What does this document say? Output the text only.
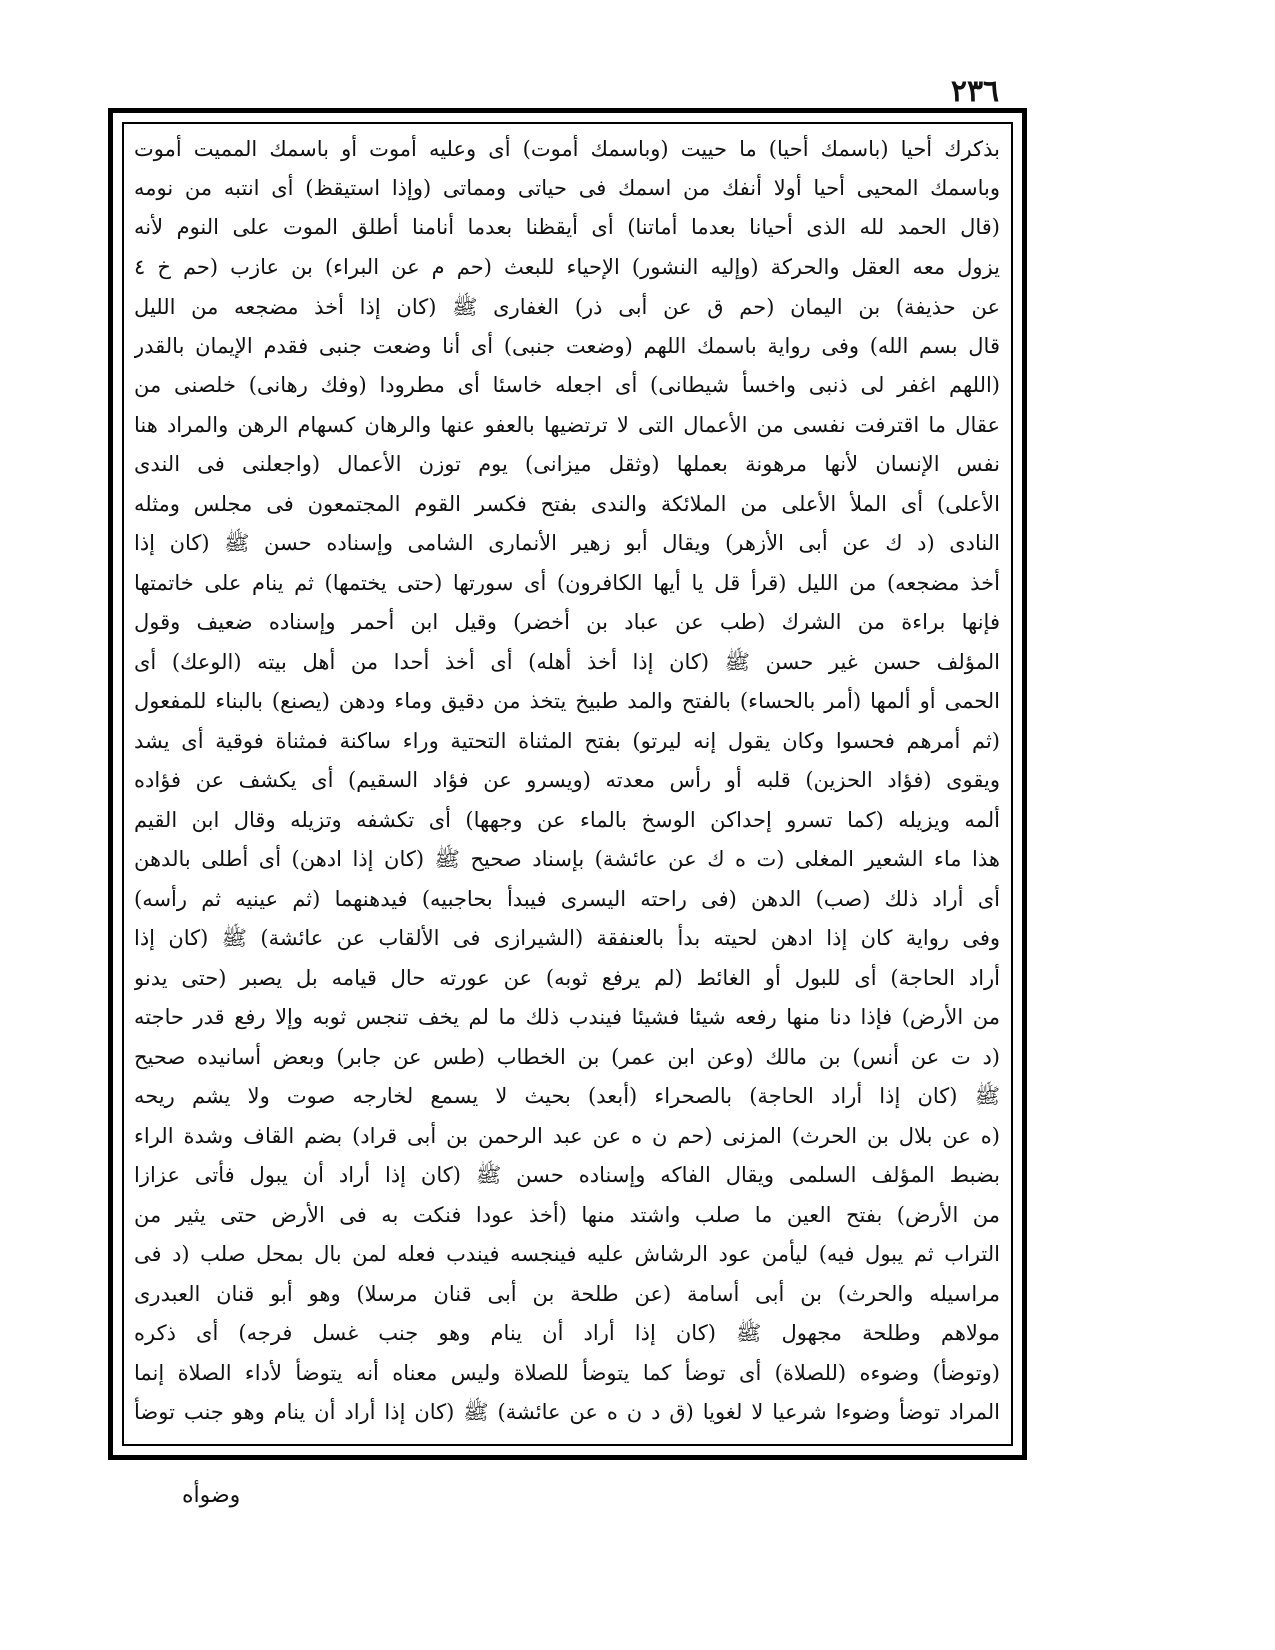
٢٣٦
بذكرك أحيا (باسمك أحيا) ما حييت (وباسمك أموت) أى وعليه أموت أو باسمك المميت أموت
وباسمك المحيى أحيا أولا أنفك من اسمك فى حياتى ومماتى (وإذا استيقظ) أى انتبه من نومه
(قال الحمد لله الذى أحيانا بعدما أماتنا) أى أيقظنا بعدما أنامنا أطلق الموت على النوم لأنه
يزول معه العقل والحركة (وإليه النشور) الإحياء للبعث (حم م عن البراء) بن عازب (حم خ ٤
عن حذيفة) بن اليمان (حم ق عن أبى ذر) الغفارى ﷺ (كان إذا أخذ مضجعه من الليل
قال بسم الله) وفى رواية باسمك اللهم (وضعت جنبى) أى أنا وضعت جنبى فقدم الإيمان بالقدر
(اللهم اغفر لى ذنبى واخسأ شيطانى) أى اجعله خاسئا أى مطرودا (وفك رهانى) خلصنى من
عقال ما اقترفت نفسى من الأعمال التى لا ترتضيها بالعفو عنها والرهان كسهام الرهن والمراد هنا
نفس الإنسان لأنها مرهونة بعملها (وثقل ميزانى) يوم توزن الأعمال (واجعلنى فى الندى
الأعلى) أى الملأ الأعلى من الملائكة والندى بفتح فكسر القوم المجتمعون فى مجلس ومثله
النادى (د ك عن أبى الأزهر) ويقال أبو زهير الأنمارى الشامى وإسناده حسن ﷺ (كان إذا
أخذ مضجعه) من الليل (قرأ قل يا أيها الكافرون) أى سورتها (حتى يختمها) ثم ينام على خاتمتها
فإنها براءة من الشرك (طب عن عباد بن أخضر) وقيل ابن أحمر وإسناده ضعيف وقول
المؤلف حسن غير حسن ﷺ (كان إذا أخذ أهله) أى أخذ أحدا من أهل بيته (الوعك) أى
الحمى أو ألمها (أمر بالحساء) بالفتح والمد طبيخ يتخذ من دقيق وماء ودهن (يصنع) بالبناء للمفعول
(ثم أمرهم فحسوا وكان يقول إنه ليرتو) بفتح المثناة التحتية وراء ساكنة فمثناة فوقية أى يشد
ويقوى (فؤاد الحزين) قلبه أو رأس معدته (ويسرو عن فؤاد السقيم) أى يكشف عن فؤاده
ألمه ويزيله (كما تسرو إحداكن الوسخ بالماء عن وجهها) أى تكشفه وتزيله وقال ابن القيم
هذا ماء الشعير المغلى (ت ه ك عن عائشة) بإسناد صحيح ﷺ (كان إذا ادهن) أى أطلى بالدهن
أى أراد ذلك (صب) الدهن (فى راحته اليسرى فيبدأ بحاجبيه) فيدهنهما (ثم عينيه ثم رأسه)
وفى رواية كان إذا ادهن لحيته بدأ بالعنفقة (الشيرازى فى الألقاب عن عائشة) ﷺ (كان إذا
أراد الحاجة) أى للبول أو الغائط (لم يرفع ثوبه) عن عورته حال قيامه بل يصبر (حتى يدنو
من الأرض) فإذا دنا منها رفعه شيئا فشيئا فيندب ذلك ما لم يخف تنجس ثوبه وإلا رفع قدر حاجته
(د ت عن أنس) بن مالك (وعن ابن عمر) بن الخطاب (طس عن جابر) وبعض أسانيده صحيح
ﷺ (كان إذا أراد الحاجة) بالصحراء (أبعد) بحيث لا يسمع لخارجه صوت ولا يشم ريحه
(ه عن بلال بن الحرث) المزنى (حم ن ه عن عبد الرحمن بن أبى قراد) بضم القاف وشدة الراء
بضبط المؤلف السلمى ويقال الفاكه وإسناده حسن ﷺ (كان إذا أراد أن يبول فأتى عزازا
من الأرض) بفتح العين ما صلب واشتد منها (أخذ عودا فنكت به فى الأرض حتى يثير من
التراب ثم يبول فيه) ليأمن عود الرشاش عليه فينجسه فيندب فعله لمن بال بمحل صلب (د فى
مراسيله والحرث) بن أبى أسامة (عن طلحة بن أبى قنان مرسلا) وهو أبو قنان العبدرى
مولاهم وطلحة مجهول ﷺ (كان إذا أراد أن ينام وهو جنب غسل فرجه) أى ذكره
(وتوضأ) وضوءه (للصلاة) أى توضأ كما يتوضأ للصلاة وليس معناه أنه يتوضأ لأداء الصلاة إنما
المراد توضأ وضوءا شرعيا لا لغويا (ق د ن ه عن عائشة) ﷺ (كان إذا أراد أن ينام وهو جنب توضأ
وضوأه
